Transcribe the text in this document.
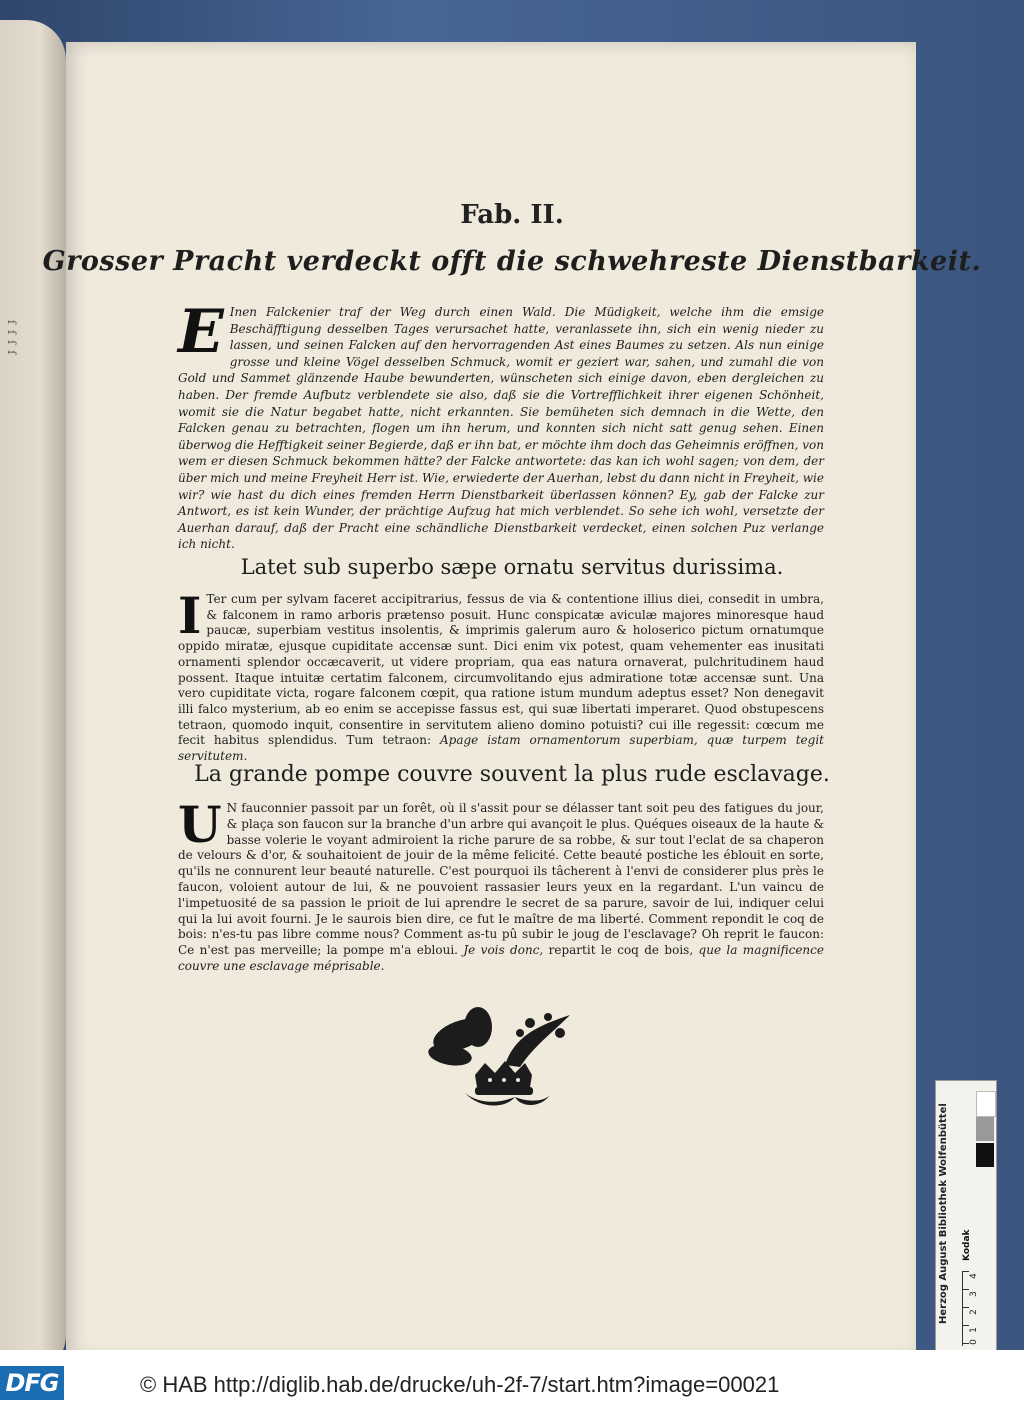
ſſſſ
Fab. II.
Grosser Pracht verdeckt offt die schwehreste Dienstbarkeit.

E Inen Falckenier traf der Weg durch einen Wald. Die Müdigkeit, welche ihm die emsige Beschäfftigung desselben Tages verursachet hatte, veranlassete ihn, sich ein wenig nieder zu lassen, und seinen Falcken auf den hervorragenden Ast eines Baumes zu setzen. Als nun einige grosse und kleine Vögel desselben Schmuck, womit er geziert war, sahen, und zumahl die von Gold und Sammet glänzende Haube bewunderten, wünscheten sich einige davon, eben dergleichen zu haben. Der fremde Aufbutz verblendete sie also, daß sie die Vortrefflichkeit ihrer eigenen Schönheit, womit sie die Natur begabet hatte, nicht erkannten. Sie bemüheten sich demnach in die Wette, den Falcken genau zu betrachten, flogen um ihn herum, und konnten sich nicht satt genug sehen. Einen überwog die Hefftigkeit seiner Begierde, daß er ihn bat, er möchte ihm doch das Geheimnis eröffnen, von wem er diesen Schmuck bekommen hätte? der Falcke antwortete: das kan ich wohl sagen; von dem, der über mich und meine Freyheit Herr ist. Wie, erwiederte der Auerhan, lebst du dann nicht in Freyheit, wie wir? wie hast du dich eines fremden Herrn Dienstbarkeit überlassen können? Ey, gab der Falcke zur Antwort, es ist kein Wunder, der prächtige Aufzug hat mich verblendet. So sehe ich wohl, versetzte der Auerhan darauf, daß der Pracht eine schändliche Dienstbarkeit verdecket, einen solchen Puz verlange ich nicht.

Latet sub superbo sæpe ornatu servitus durissima.

I Ter cum per sylvam faceret accipitrarius, fessus de via & contentione illius diei, consedit in umbra, & falconem in ramo arboris prætenso posuit. Hunc conspicatæ aviculæ majores minoresque haud paucæ, superbiam vestitus insolentis, & imprimis galerum auro & holoserico pictum ornatumque oppido miratæ, ejusque cupiditate accensæ sunt. Dici enim vix potest, quam vehementer eas inusitati ornamenti splendor occæcaverit, ut videre propriam, qua eas natura ornaverat, pulchritudinem haud possent. Itaque intuitæ certatim falconem, circumvolitando ejus admiratione totæ accensæ sunt. Una vero cupiditate victa, rogare falconem cœpit, qua ratione istum mundum adeptus esset? Non denegavit illi falco mysterium, ab eo enim se accepisse fassus est, qui suæ libertati imperaret. Quod obstupescens tetraon, quomodo inquit, consentire in servitutem alieno domino potuisti? cui ille regessit: cœcum me fecit habitus splendidus. Tum tetraon: Apage istam ornamentorum superbiam, quæ turpem tegit servitutem.

La grande pompe couvre souvent la plus rude esclavage.

U N fauconnier passoit par un forêt, où il s'assit pour se délasser tant soit peu des fatigues du jour, & plaça son faucon sur la branche d'un arbre qui avançoit le plus. Quéques oiseaux de la haute & basse volerie le voyant admiroient la riche parure de sa robbe, & sur tout l'eclat de sa chaperon de velours & d'or, & souhaitoient de jouir de la même felicité. Cette beauté postiche les éblouit en sorte, qu'ils ne connurent leur beauté naturelle. C'est pourquoi ils tâcherent à l'envi de considerer plus près le faucon, voloient autour de lui, & ne pouvoient rassasier leurs yeux en la regardant. L'un vaincu de l'impetuosité de sa passion le prioit de lui aprendre le secret de sa parure, savoir de lui, indiquer celui qui la lui avoit fourni. Je le saurois bien dire, ce fut le maître de ma liberté. Comment repondit le coq de bois: n'es-tu pas libre comme nous? Comment as-tu pû subir le joug de l'esclavage? Oh reprit le faucon: Ce n'est pas merveille; la pompe m'a ebloui. Je vois donc, repartit le coq de bois, que la magnificence couvre une esclavage méprisable.

Herzog August Bibliothek Wolfenbüttel	Kodak
4
3
2
1
0
DFG	© HAB http://diglib.hab.de/drucke/uh-2f-7/start.htm?image=00021
